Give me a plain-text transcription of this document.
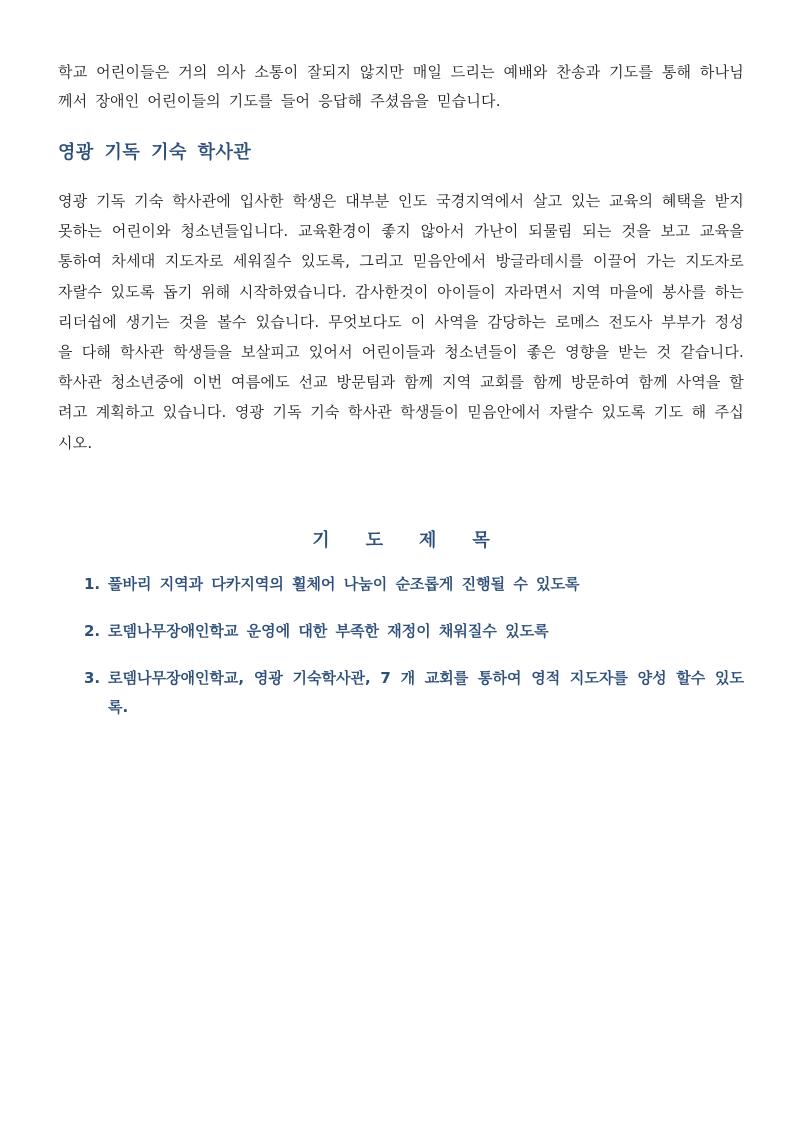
학교 어린이들은 거의 의사 소통이 잘되지 않지만 매일 드리는 예배와 찬송과 기도를 통해 하나님께서 장애인 어린이들의 기도를 들어 응답해 주셨음을 믿습니다.

영광 기독 기숙 학사관

영광 기독 기숙 학사관에 입사한 학생은 대부분 인도 국경지역에서 살고 있는 교육의 혜택을 받지 못하는 어린이와 청소년들입니다. 교육환경이 좋지 않아서 가난이 되물림 되는 것을 보고 교육을 통하여 차세대 지도자로 세워질수 있도록, 그리고 믿음안에서 방글라데시를 이끌어 가는 지도자로 자랄수 있도록 돕기 위해 시작하였습니다. 감사한것이 아이들이 자라면서 지역 마을에 봉사를 하는 리더쉽에 생기는 것을 볼수 있습니다. 무엇보다도 이 사역을 감당하는 로메스 전도사 부부가 정성을 다해 학사관 학생들을 보살피고 있어서 어린이들과 청소년들이 좋은 영향을 받는 것 같습니다. 학사관 청소년중에 이번 여름에도 선교 방문팀과 함께 지역 교회를 함께 방문하여 함께 사역을 할려고 계획하고 있습니다. 영광 기독 기숙 학사관 학생들이 믿음안에서 자랄수 있도록 기도 해 주십시오.

기도제목
1. 풀바리 지역과 다카지역의 휠체어 나눔이 순조롭게 진행될 수 있도록
2. 로뎀나무장애인학교 운영에 대한 부족한 재정이 채워질수 있도록
3. 로뎀나무장애인학교, 영광 기숙학사관, 7 개 교회를 통하여 영적 지도자를 양성 할수 있도록.
